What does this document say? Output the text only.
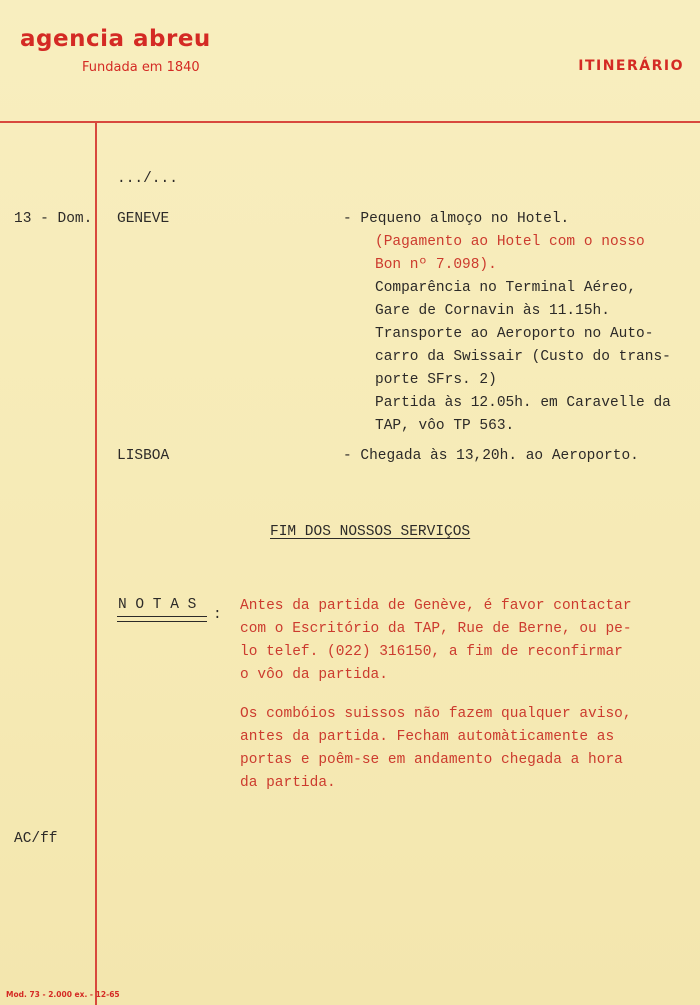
agencia abreu
Fundada em 1840	ITINERÁRIO
.../...
13 - Dom. GENEVE	- Pequeno almoço no Hotel.
(Pagamento ao Hotel com o nosso
Bon nº 7.098).
Comparência no Terminal Aéreo,
Gare de Cornavin às 11.15h.
Transporte ao Aeroporto no Auto-
carro da Swissair (Custo do trans-
porte SFrs. 2)
Partida às 12.05h. em Caravelle da
TAP, vôo TP 563.
LISBOA	- Chegada às 13,20h. ao Aeroporto.
FIM DOS NOSSOS SERVIÇOS
N O T A S
:
Antes da partida de Genève, é favor contactar
com o Escritório da TAP, Rue de Berne, ou pe-
lo telef. (022) 316150, a fim de reconfirmar
o vôo da partida.
Os combóios suissos não fazem qualquer aviso,
antes da partida. Fecham automàticamente as
portas e poêm-se em andamento chegada a hora
da partida.
AC/ff
Mod. 73 - 2.000 ex. - 12-65
